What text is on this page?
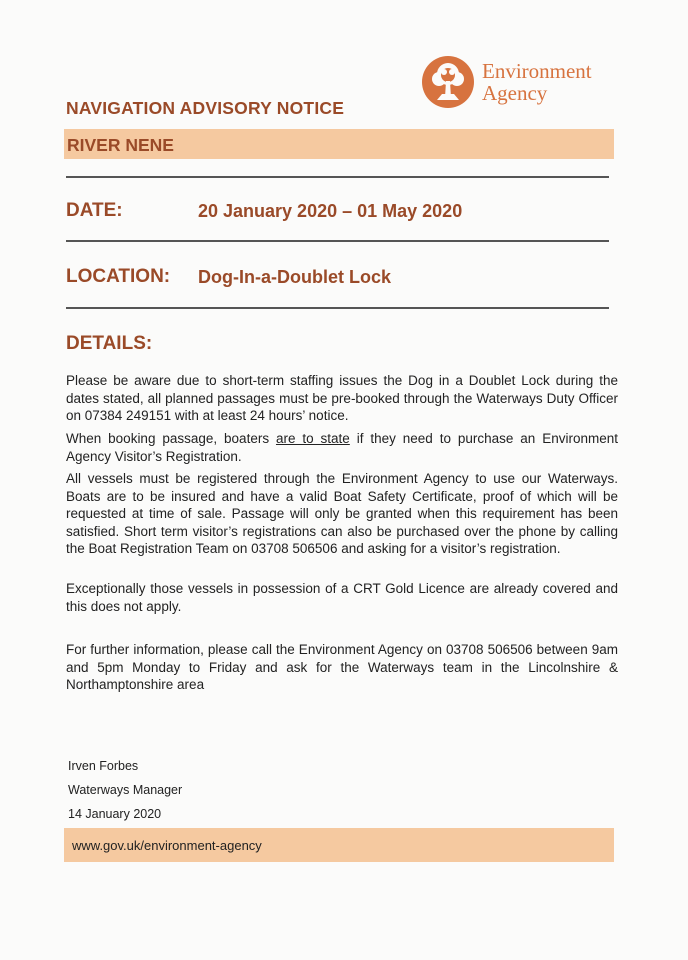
Environment
Agency
NAVIGATION ADVISORY NOTICE
RIVER NENE
DATE:	20 January 2020 – 01 May 2020
LOCATION: Dog-In-a-Doublet Lock
DETAILS:
Please be aware due to short-term staffing issues the Dog in a Doublet Lock during the dates stated, all planned passages must be pre-booked through the Waterways Duty Officer on 07384 249151 with at least 24 hours’ notice.
When booking passage, boaters are to state if they need to purchase an Environment Agency Visitor’s Registration.
All vessels must be registered through the Environment Agency to use our Waterways. Boats are to be insured and have a valid Boat Safety Certificate, proof of which will be requested at time of sale. Passage will only be granted when this requirement has been satisfied. Short term visitor’s registrations can also be purchased over the phone by calling the Boat Registration Team on 03708 506506 and asking for a visitor’s registration.
Exceptionally those vessels in possession of a CRT Gold Licence are already covered and this does not apply.
For further information, please call the Environment Agency on 03708 506506 between 9am and 5pm Monday to Friday and ask for the Waterways team in the Lincolnshire & Northamptonshire area
Irven Forbes
Waterways Manager
14 January 2020
www.gov.uk/environment-agency
